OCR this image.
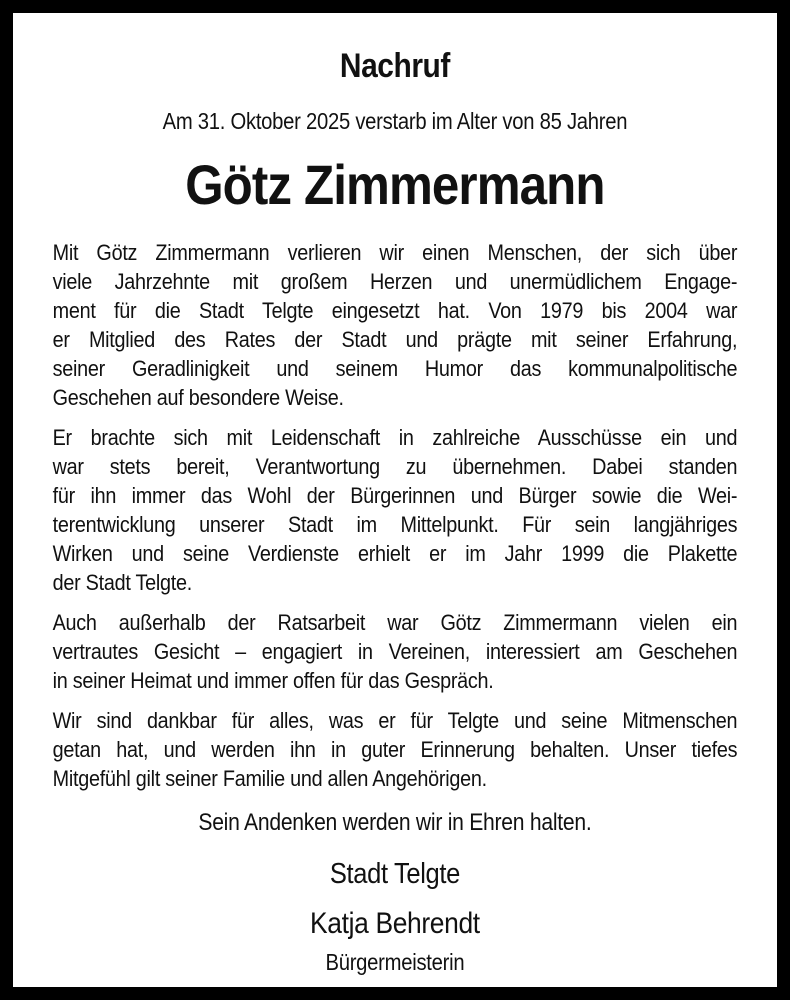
Nachruf

Am 31. Oktober 2025 verstarb im Alter von 85 Jahren

Götz Zimmermann
Mit Götz Zimmermann verlieren wir einen Menschen, der sich über
viele Jahrzehnte mit großem Herzen und unermüdlichem Engage-
ment für die Stadt Telgte eingesetzt hat. Von 1979 bis 2004 war
er Mitglied des Rates der Stadt und prägte mit seiner Erfahrung,
seiner Geradlinigkeit und seinem Humor das kommunalpolitische
Geschehen auf besondere Weise.
Er brachte sich mit Leidenschaft in zahlreiche Ausschüsse ein und
war stets bereit, Verantwortung zu übernehmen. Dabei standen
für ihn immer das Wohl der Bürgerinnen und Bürger sowie die Wei-
terentwicklung unserer Stadt im Mittelpunkt. Für sein langjähriges
Wirken und seine Verdienste erhielt er im Jahr 1999 die Plakette
der Stadt Telgte.
Auch außerhalb der Ratsarbeit war Götz Zimmermann vielen ein
vertrautes Gesicht – engagiert in Vereinen, interessiert am Geschehen
in seiner Heimat und immer offen für das Gespräch.
Wir sind dankbar für alles, was er für Telgte und seine Mitmenschen
getan hat, und werden ihn in guter Erinnerung behalten. Unser tiefes
Mitgefühl gilt seiner Familie und allen Angehörigen.

Sein Andenken werden wir in Ehren halten.

Stadt Telgte
Katja Behrendt
Bürgermeisterin
